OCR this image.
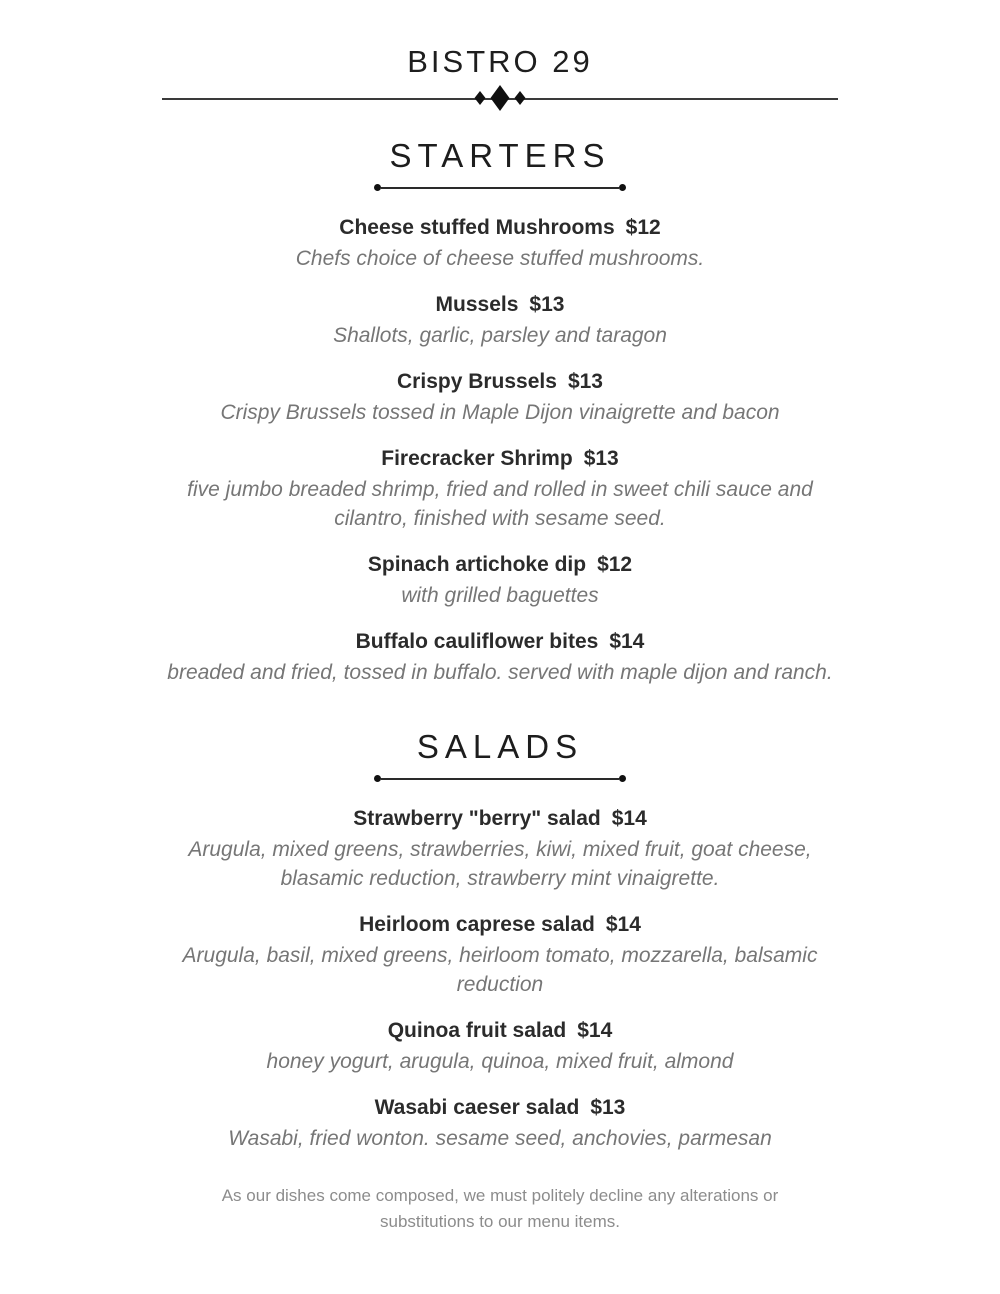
BISTRO 29
STARTERS
Cheese stuffed Mushrooms $12
Chefs choice of cheese stuffed mushrooms.
Mussels $13
Shallots, garlic, parsley and taragon
Crispy Brussels $13
Crispy Brussels tossed in Maple Dijon vinaigrette and bacon
Firecracker Shrimp $13
five jumbo breaded shrimp, fried and rolled in sweet chili sauce and cilantro, finished with sesame seed.
Spinach artichoke dip $12
with grilled baguettes
Buffalo cauliflower bites $14
breaded and fried, tossed in buffalo. served with maple dijon and ranch.
SALADS
Strawberry "berry" salad $14
Arugula, mixed greens, strawberries, kiwi, mixed fruit, goat cheese, blasamic reduction, strawberry mint vinaigrette.
Heirloom caprese salad $14
Arugula, basil, mixed greens, heirloom tomato, mozzarella, balsamic reduction
Quinoa fruit salad $14
honey yogurt, arugula, quinoa, mixed fruit, almond
Wasabi caeser salad $13
Wasabi, fried wonton. sesame seed, anchovies, parmesan

As our dishes come composed, we must politely decline any alterations or substitutions to our menu items.
